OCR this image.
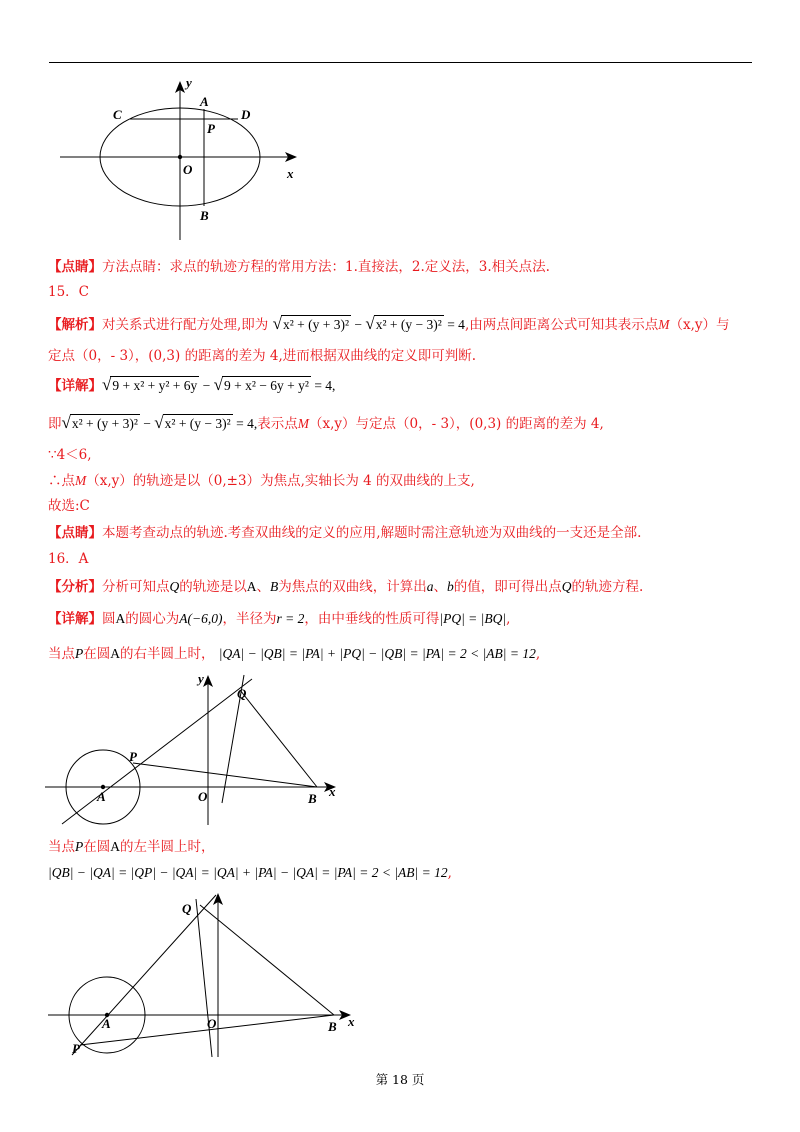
C
A
D
P
O
B
y
x
【点睛】方法点睛：求点的轨迹方程的常用方法：1.直接法，2.定义法，3.相关点法.
15．C
【解析】对关系式进行配方处理,即为 √x² + (y + 3)² − √x² + (y − 3)² = 4,由两点间距离公式可知其表示点M（x,y）与
定点（0，- 3），(0,3) 的距离的差为 4,进而根据双曲线的定义即可判断.
【详解】√9 + x² + y² + 6y − √9 + x² − 6y + y² = 4,
即√x² + (y + 3)² − √x² + (y − 3)² = 4,表示点M（x,y）与定点（0，- 3），(0,3) 的距离的差为 4,
∵4＜6,
∴点M（x,y）的轨迹是以（0,±3）为焦点,实轴长为 4 的双曲线的上支,
故选:C
【点睛】本题考查动点的轨迹.考查双曲线的定义的应用,解题时需注意轨迹为双曲线的一支还是全部.
16．A
【分析】分析可知点Q的轨迹是以A、B为焦点的双曲线，计算出a、b的值，即可得出点Q的轨迹方程.
【详解】圆A的圆心为A(−6,0)，半径为r = 2，由中垂线的性质可得|PQ| = |BQ|,
当点P在圆A的右半圆上时， |QA| − |QB| = |PA| + |PQ| − |QB| = |PA| = 2 < |AB| = 12,
y
Q
P
A	O	B x
当点P在圆A的左半圆上时，
|QB| − |QA| = |QP| − |QA| = |QA| + |PA| − |QA| = |PA| = 2 < |AB| = 12,
Q
A	O	B x
P
第 18 页
